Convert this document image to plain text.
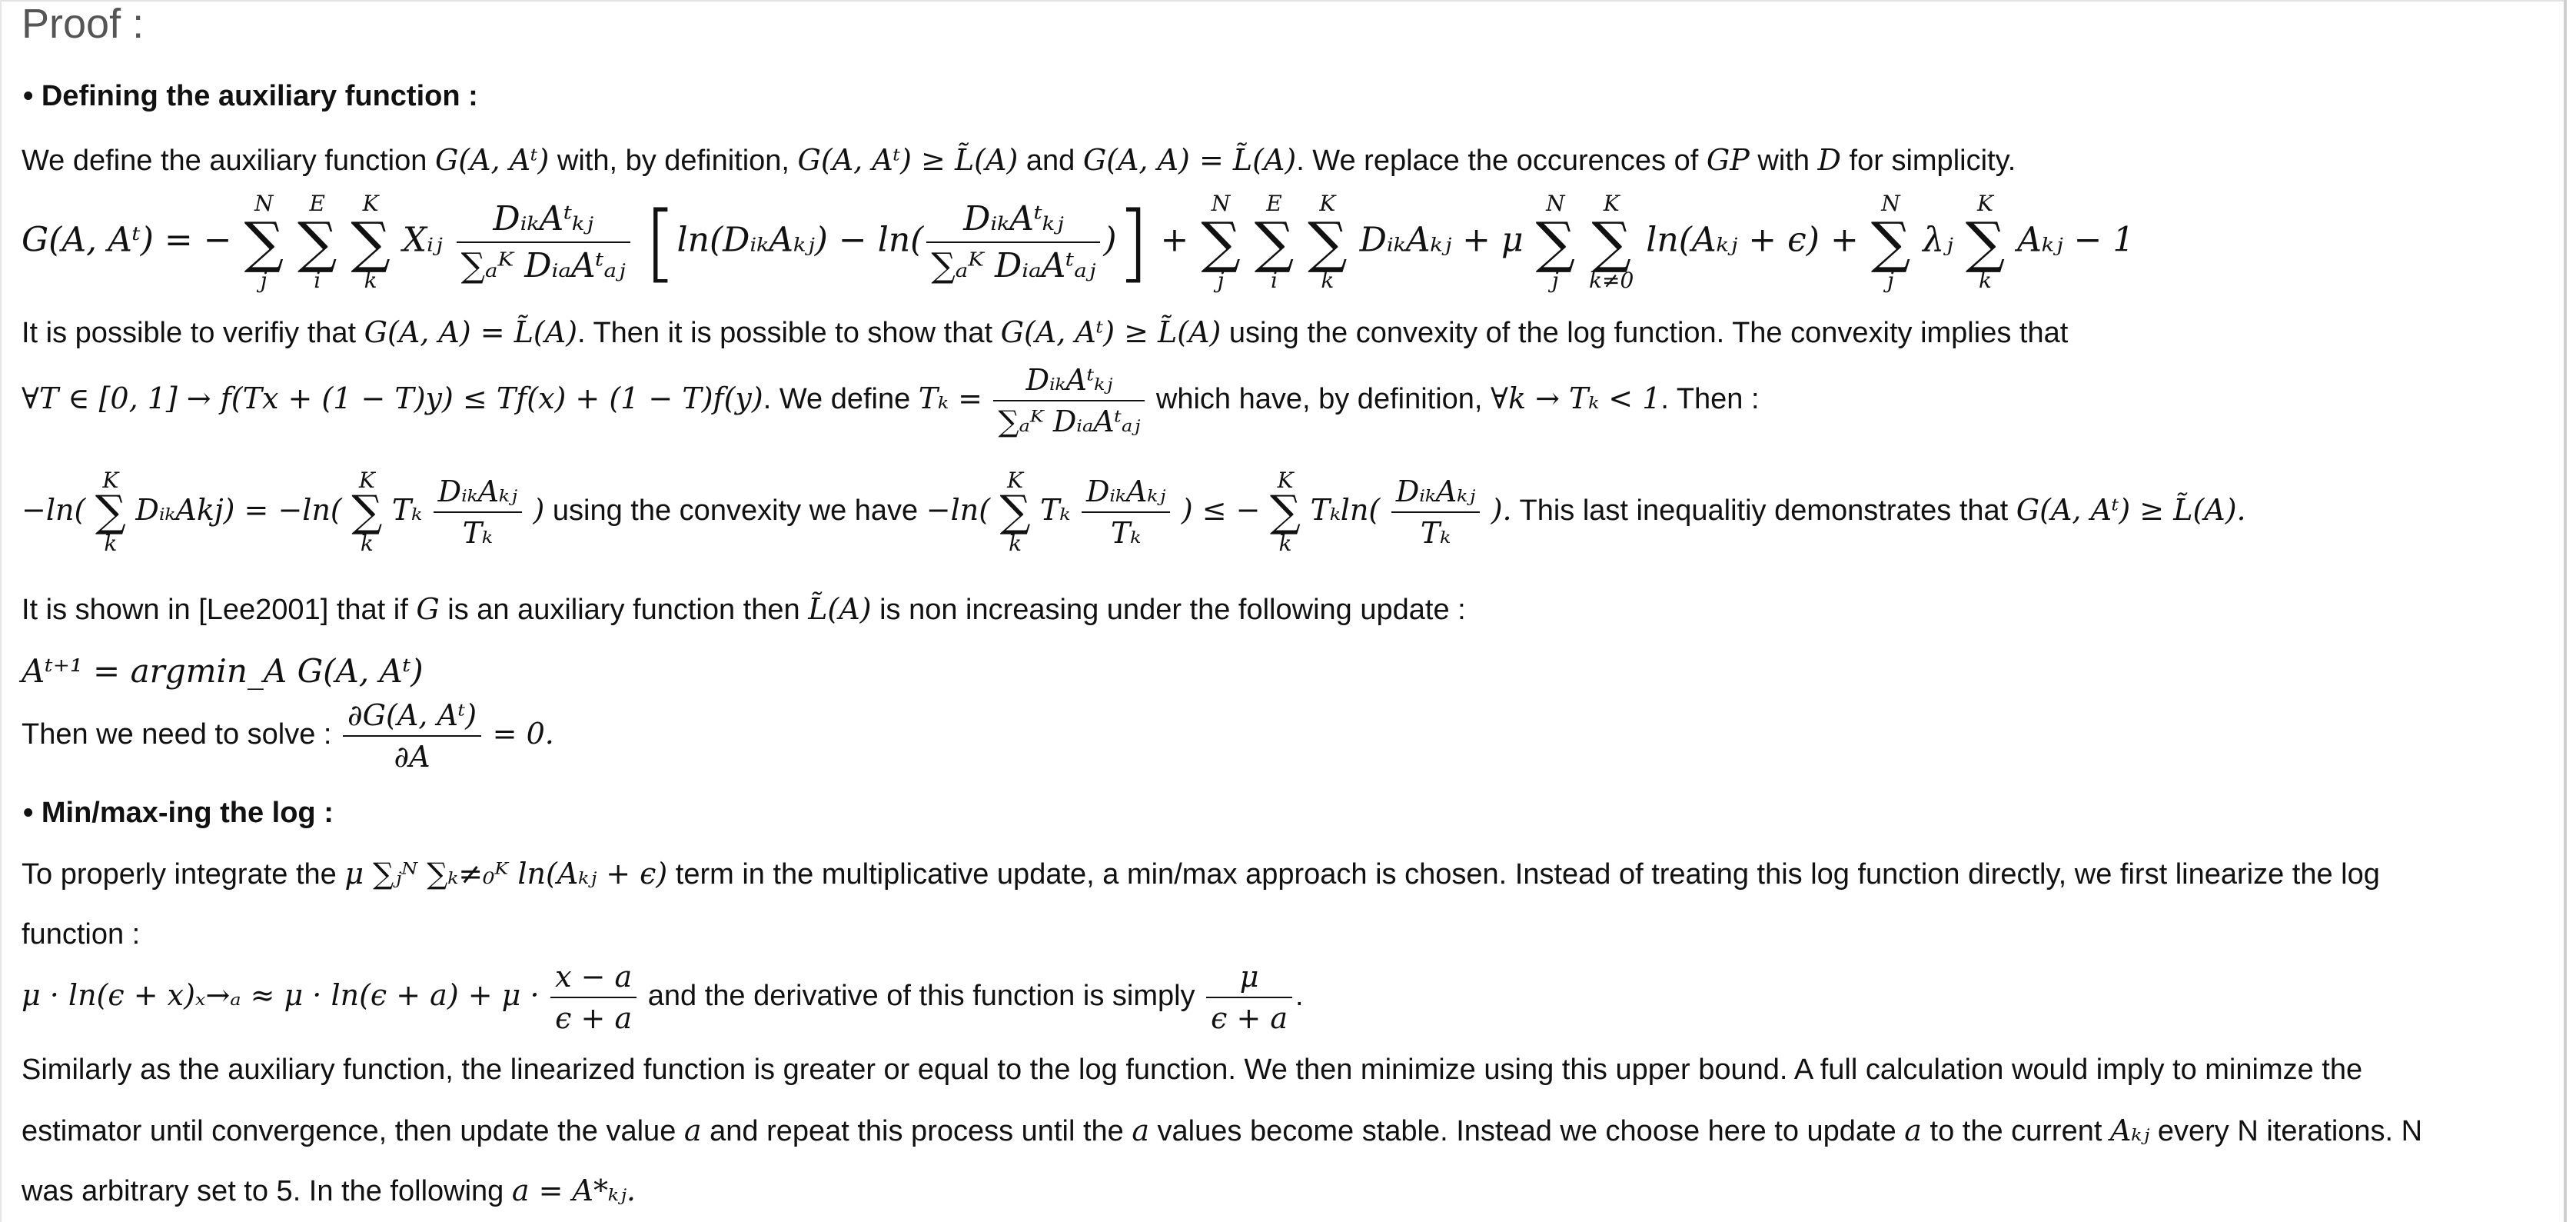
Proof :
• Defining the auxiliary function :
We define the auxiliary function G(A, Aᵗ) with, by definition, G(A, Aᵗ) ≥ L̃(A) and G(A, A) = L̃(A). We replace the occurences of GP with D for simplicity.
G(A, Aᵗ) = −
N
∑
j

E
∑
i

K
∑
k
Xᵢⱼ $\frac{\text{DᵢₖAᵗₖⱼ}}{\text{∑ₐᴷ DᵢₐAᵗₐⱼ}}$ [ln(DᵢₖAₖⱼ) − $\ln( \frac{\text{DᵢₖAᵗₖⱼ}}{\text{∑ₐᴷ DᵢₐAᵗₐⱼ}}$ )] +
N
∑
j

E
∑
i

K
∑
k
DᵢₖAₖⱼ + μ
N
∑
j

K
∑
k≠0
ln(Aₖⱼ + ϵ) +
N
∑
j
λⱼ
K
∑
k
Aₖⱼ − 1
It is possible to verifiy that G(A, A) = L̃(A). Then it is possible to show that G(A, Aᵗ) ≥ L̃(A) using the convexity of the log function. The convexity implies that
∀T ∈ [0, 1] → f(Tx + (1 − T)y) ≤ Tf(x) + (1 − T)f(y). We define $T_k = \frac{\text{DᵢₖAᵗₖⱼ}}{\text{∑ₐᴷ DᵢₐAᵗₐⱼ}}$ which have, by definition, ∀k → Tₖ < 1. Then :
−ln(
K
∑
k
DᵢₖAkj) = −ln(
K
∑
k
Tₖ $\frac{\text{DᵢₖAₖⱼ}}{\text{Tₖ}}$ ) using the convexity we have −ln(
K
∑
k
Tₖ $\frac{\text{DᵢₖAₖⱼ}}{\text{Tₖ}}$ ) ≤ −
K
∑
k
$T_k\ln( \frac{\text{DᵢₖAₖⱼ}}{\text{Tₖ}}$ ). This last inequalitiy demonstrates that G(A, Aᵗ) ≥ L̃(A).
It is shown in [Lee2001] that if G is an auxiliary function then L̃(A) is non increasing under the following update :
Aᵗ⁺¹ = argmin_A G(A, Aᵗ)
Then we need to solve : $\frac{\text{∂G(A, Aᵗ)}}{\partial A} = 0$.
• Min/max-ing the log :
To properly integrate the μ ∑ⱼᴺ ∑ₖ≠₀ᴷ ln(Aₖⱼ + ϵ) term in the multiplicative update, a min/max approach is chosen. Instead of treating this log function directly, we first linearize the log
function :
$\mu \cdot \ln(\epsilon + x)_x\to_a \approx \mu \cdot \ln(\epsilon + a) + \mu \cdot \frac{x - a}{\epsilon + a}$ and the derivative of this function is simply $\frac{\mu}{\epsilon + a}$ .
Similarly as the auxiliary function, the linearized function is greater or equal to the log function. We then minimize using this upper bound. A full calculation would imply to minimze the
estimator until convergence, then update the value a and repeat this process until the a values become stable. Instead we choose here to update a to the current Aₖⱼ every N iterations. N
was arbitrary set to 5. In the following a = A*ₖⱼ.
